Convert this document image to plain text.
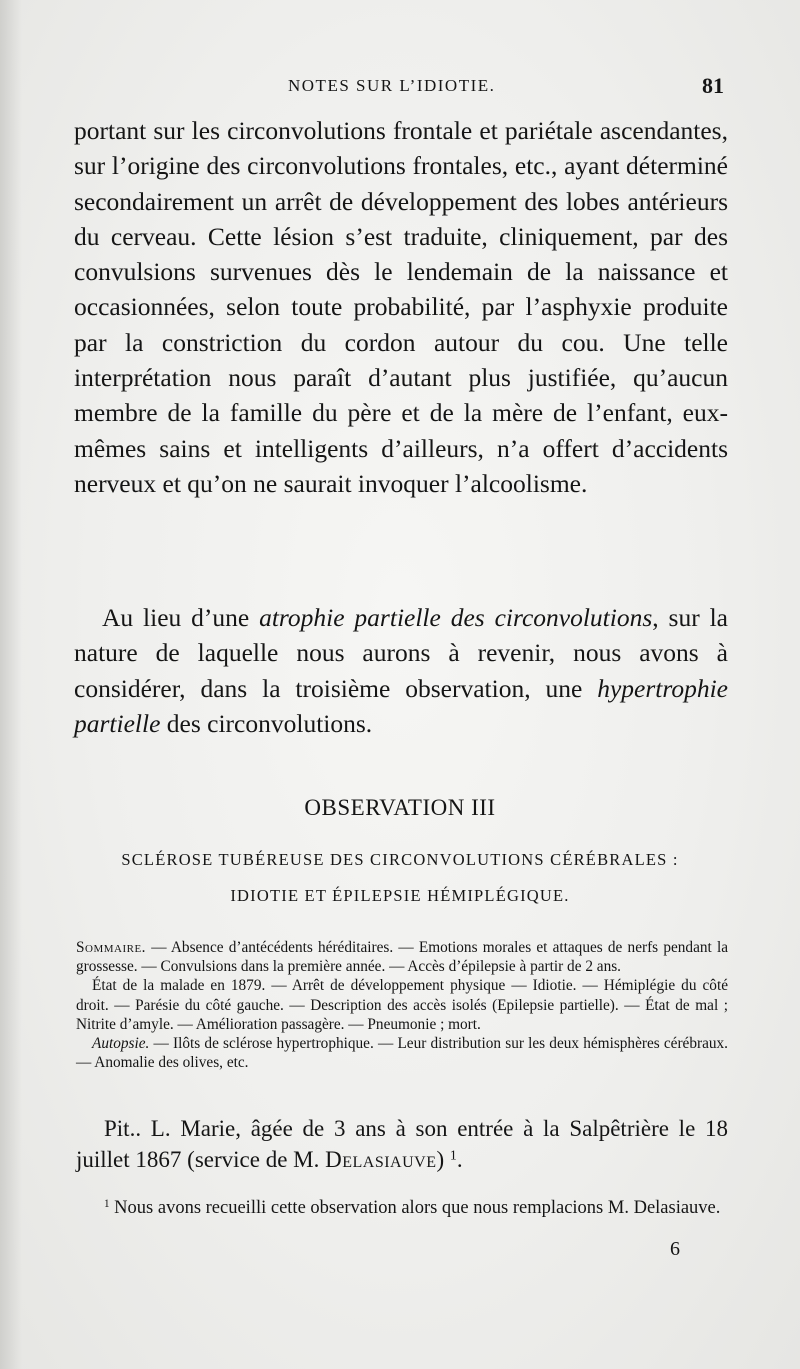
NOTES SUR L’IDIOTIE.	81

portant sur les circonvolutions frontale et pariétale ascendantes, sur l’origine des circonvolutions frontales, etc., ayant déterminé secondairement un arrêt de développement des lobes antérieurs du cerveau. Cette lésion s’est traduite, cliniquement, par des convulsions survenues dès le lendemain de la naissance et occasionnées, selon toute probabilité, par l’asphyxie produite par la constriction du cordon autour du cou. Une telle interprétation nous paraît d’autant plus justifiée, qu’aucun membre de la famille du père et de la mère de l’enfant, eux-mêmes sains et intelligents d’ailleurs, n’a offert d’accidents nerveux et qu’on ne saurait invoquer l’alcoolisme.

Au lieu d’une atrophie partielle des circonvolutions, sur la nature de laquelle nous aurons à revenir, nous avons à considérer, dans la troisième observation, une hypertrophie partielle des circonvolutions.

OBSERVATION III
SCLÉROSE TUBÉREUSE DES CIRCONVOLUTIONS CÉRÉBRALES :
IDIOTIE ET ÉPILEPSIE HÉMIPLÉGIQUE.

Sommaire. — Absence d’antécédents héréditaires. — Emotions morales et attaques de nerfs pendant la grossesse. — Convulsions dans la première année. — Accès d’épilepsie à partir de 2 ans.

État de la malade en 1879. — Arrêt de développement physique — Idiotie. — Hémiplégie du côté droit. — Parésie du côté gauche. — Description des accès isolés (Epilepsie partielle). — État de mal ; Nitrite d’amyle. — Amélioration passagère. — Pneumonie ; mort.

Autopsie. — Ilôts de sclérose hypertrophique. — Leur distribution sur les deux hémisphères cérébraux. — Anomalie des olives, etc.

Pit.. L. Marie, âgée de 3 ans à son entrée à la Salpêtrière le 18 juillet 1867 (service de M. Delasiauve) $^1$.

$^1$ Nous avons recueilli cette observation alors que nous remplacions M. Delasiauve.

6
